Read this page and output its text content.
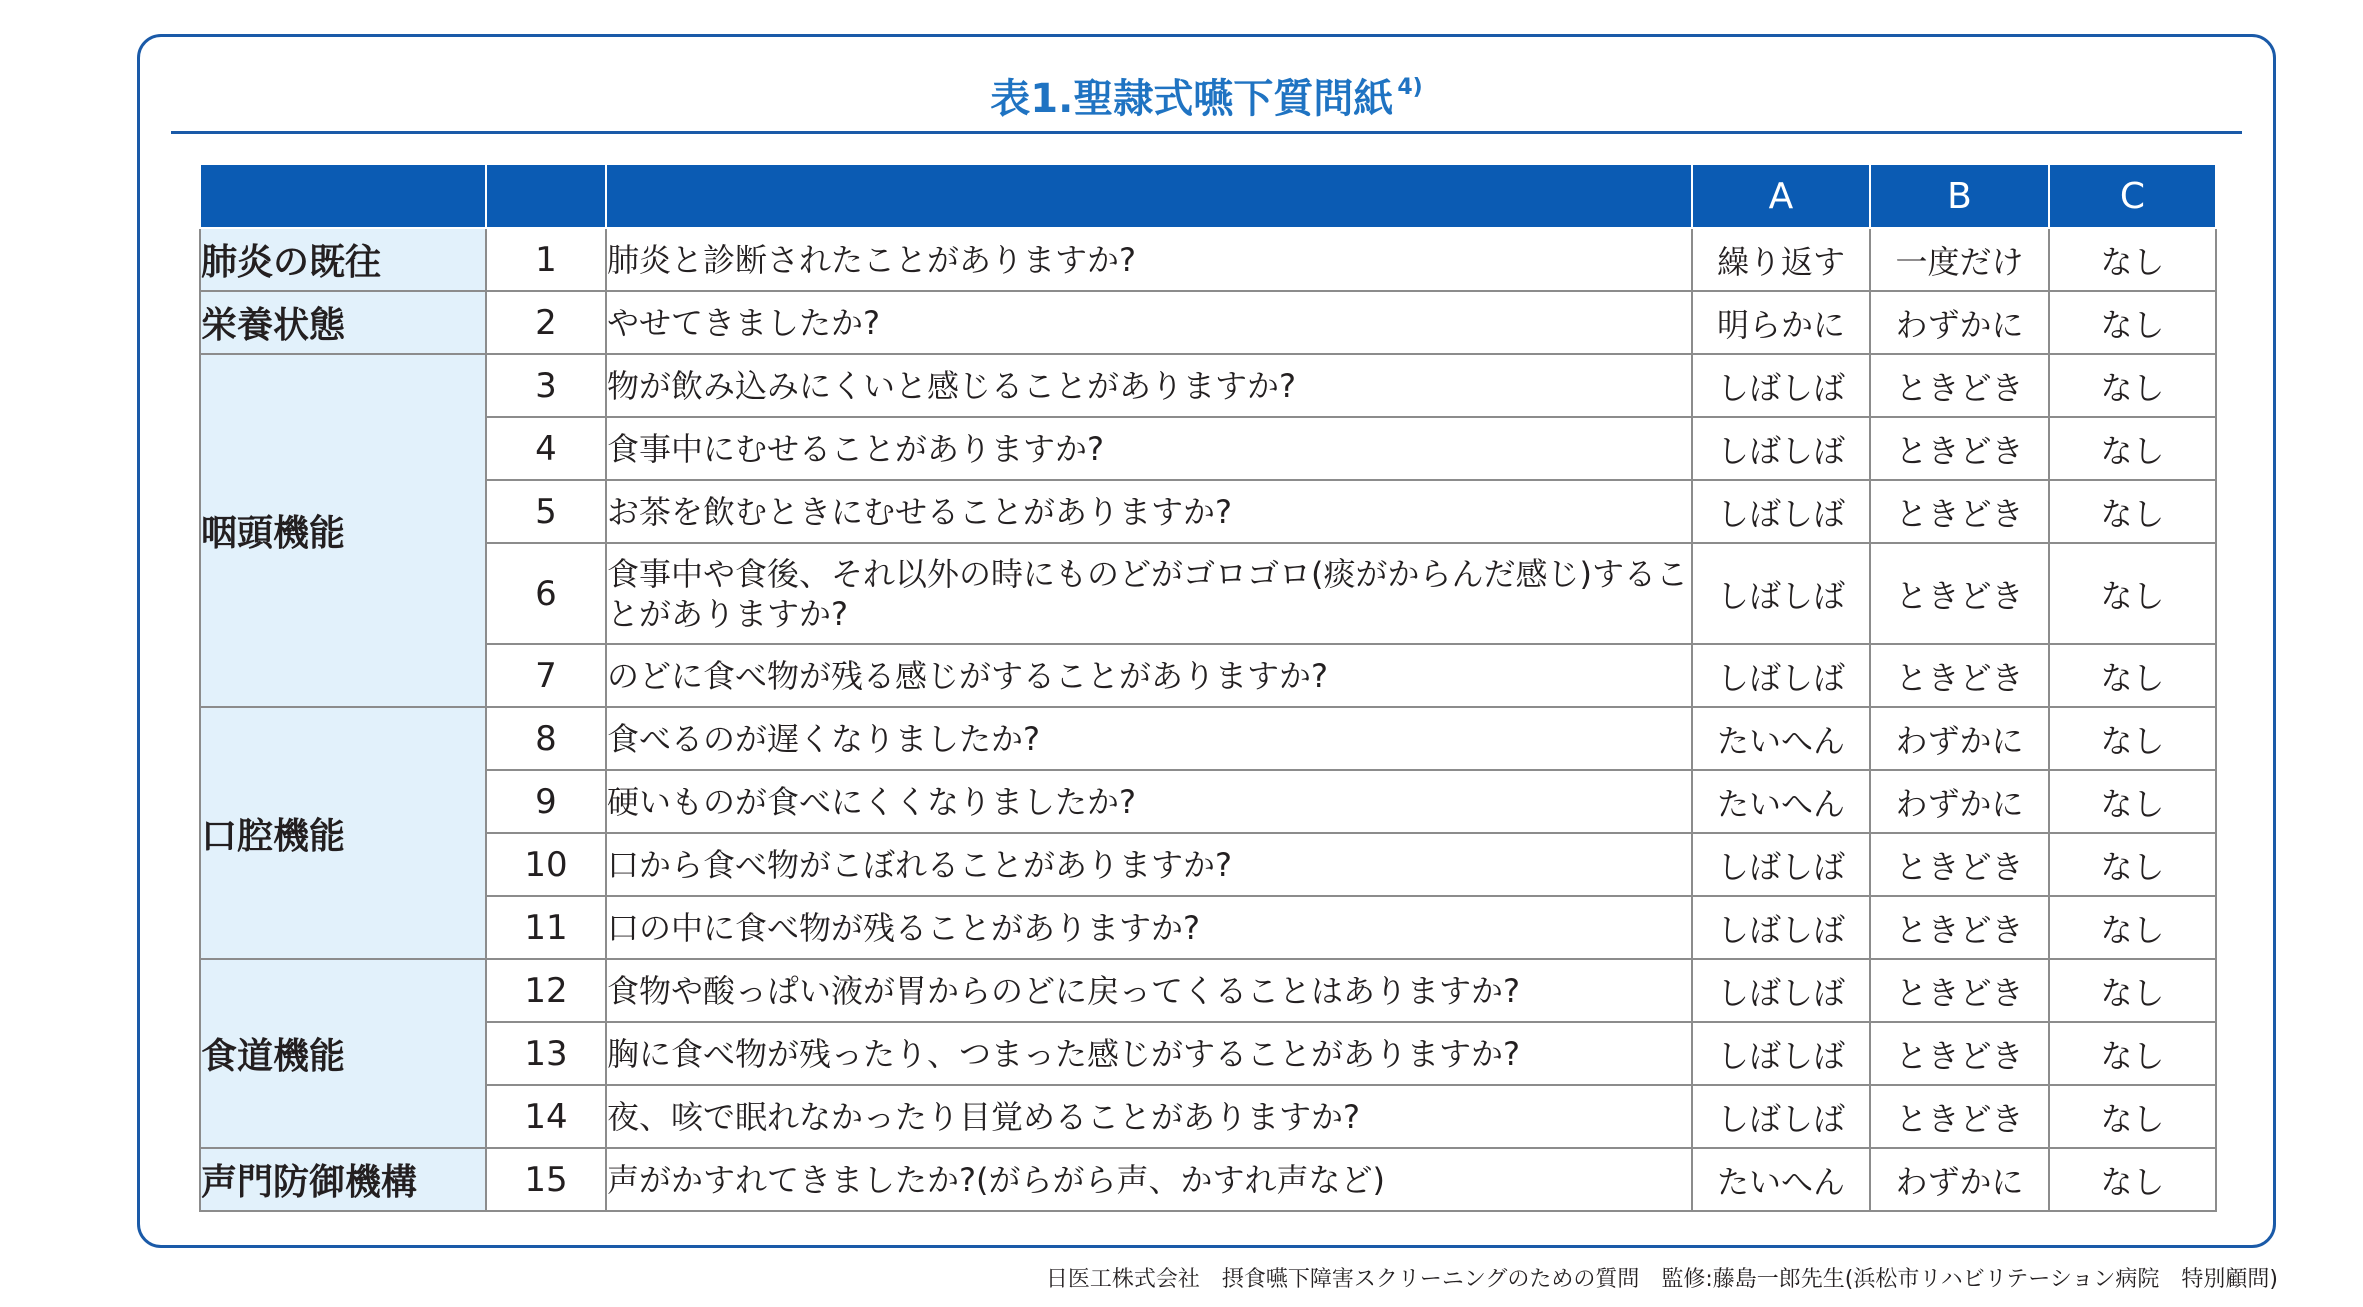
表1.聖隷式嚥下質問紙 $^{4)}$
			A	B	C
肺炎の既往	1	肺炎と診断されたことがありますか?	繰り返す	一度だけ	なし
栄養状態	2	やせてきましたか?	明らかに	わずかに	なし
咽頭機能	3	物が飲み込みにくいと感じることがありますか?	しばしば	ときどき	なし
	4	食事中にむせることがありますか?	しばしば	ときどき	なし
	5	お茶を飲むときにむせることがありますか?	しばしば	ときどき	なし
	6	食事中や食後、それ以外の時にものどがゴロゴロ(痰がからんだ感じ)することがありますか?	しばしば	ときどき	なし
	7	のどに食べ物が残る感じがすることがありますか?	しばしば	ときどき	なし
口腔機能	8	食べるのが遅くなりましたか?	たいへん	わずかに	なし
	9	硬いものが食べにくくなりましたか?	たいへん	わずかに	なし
	10	口から食べ物がこぼれることがありますか?	しばしば	ときどき	なし
	11	口の中に食べ物が残ることがありますか?	しばしば	ときどき	なし
食道機能	12	食物や酸っぱい液が胃からのどに戻ってくることはありますか?	しばしば	ときどき	なし
	13	胸に食べ物が残ったり、つまった感じがすることがありますか?	しばしば	ときどき	なし
	14	夜、咳で眠れなかったり目覚めることがありますか?	しばしば	ときどき	なし
声門防御機構	15	声がかすれてきましたか?(がらがら声、かすれ声など)	たいへん	わずかに	なし
日医工株式会社　摂食嚥下障害スクリーニングのための質問　監修:藤島一郎先生(浜松市リハビリテーション病院　特別顧問)
